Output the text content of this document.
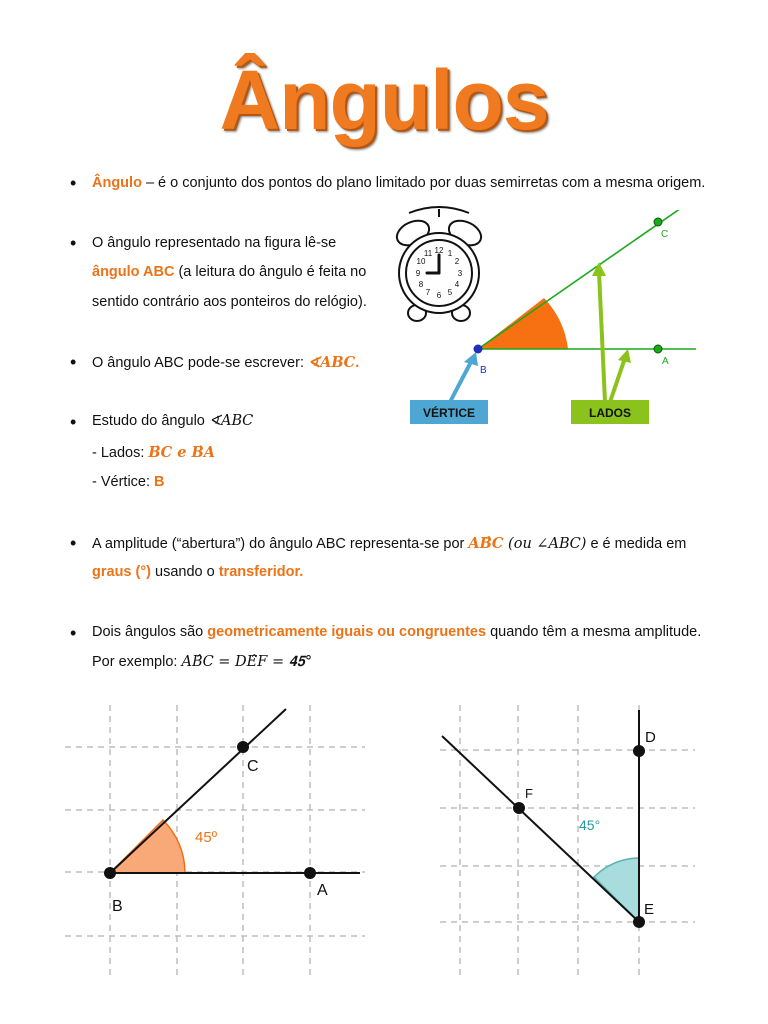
Ângulos
• Ângulo – é o conjunto dos pontos do plano limitado por duas semirretas com a mesma origem.
• O ângulo representado na figura lê-se
ângulo ABC (a leitura do ângulo é feita no
sentido contrário aos ponteiros do relógio).
• O ângulo ABC pode-se escrever: ∢𝑨𝑩𝑪.
• Estudo do ângulo ∢𝐴𝐵𝐶
- Lados: 𝑩̇𝑪 𝒆 𝑩̇𝑨
- Vértice: B
• A amplitude (“abertura”) do ângulo ABC representa-se por 𝑨𝑩̂𝑪 (𝑜𝑢 ∠𝐴𝐵𝐶) e é medida em
graus (°) usando o transferidor.
• Dois ângulos são geometricamente iguais ou congruentes quando têm a mesma amplitude.
Por exemplo: 𝐴𝐵̂𝐶 = 𝐷𝐸̂𝐹 = 𝟒𝟓°
12 1
2
3
4
5
6
7
8
9
10
11
C
A
B
VÉRTICE	LADOS
C
B
A
45º
D
F
E
45°
